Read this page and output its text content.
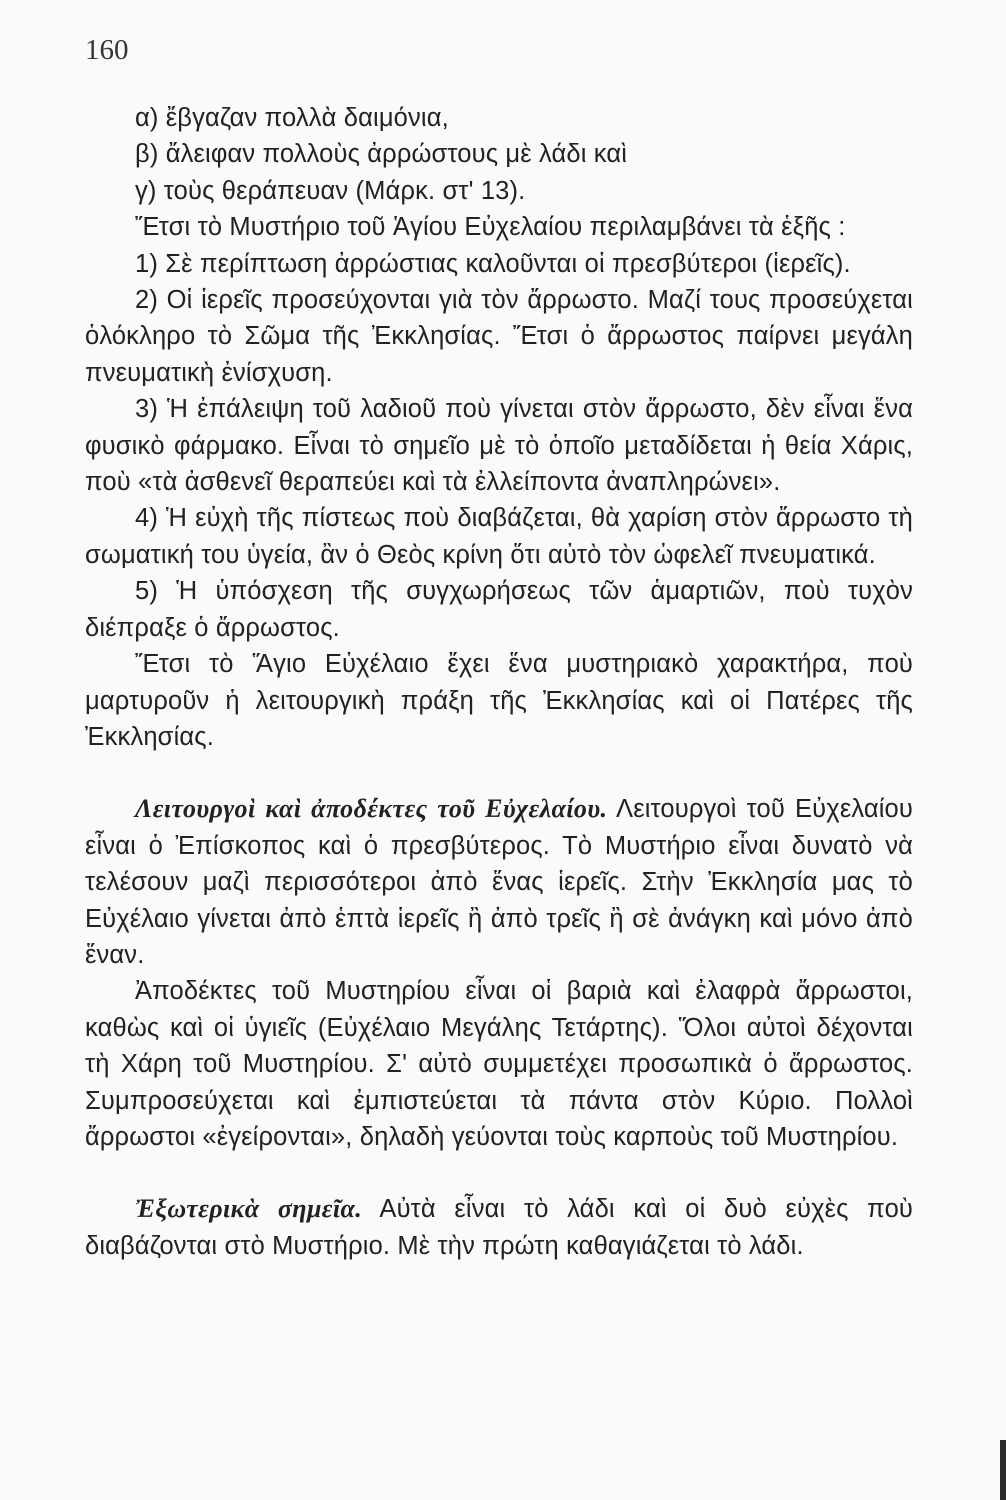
160

α) ἔβγαζαν πολλὰ δαιμόνια,

β) ἄλειφαν πολλοὺς ἀρρώστους μὲ λάδι καὶ

γ) τοὺς θεράπευαν (Μάρκ. στ' 13).

Ἔτσι τὸ Μυστήριο τοῦ Ἁγίου Εὐχελαίου περιλαμβάνει τὰ ἑξῆς :

1) Σὲ περίπτωση ἀρρώστιας καλοῦνται οἱ πρεσβύτεροι (ἱερεῖς).

2) Οἱ ἱερεῖς προσεύχονται γιὰ τὸν ἄρρωστο. Μαζί τους προσεύχεται ὁλόκληρο τὸ Σῶμα τῆς Ἐκκλησίας. Ἔτσι ὁ ἄρρωστος παίρνει μεγάλη πνευματικὴ ἐνίσχυση.

3) Ἡ ἐπάλειψη τοῦ λαδιοῦ ποὺ γίνεται στὸν ἄρρωστο, δὲν εἶναι ἕνα φυσικὸ φάρμακο. Εἶναι τὸ σημεῖο μὲ τὸ ὁποῖο μεταδίδεται ἡ θεία Χάρις, ποὺ «τὰ ἀσθενεῖ θεραπεύει καὶ τὰ ἐλλείποντα ἀναπληρώνει».

4) Ἡ εὐχὴ τῆς πίστεως ποὺ διαβάζεται, θὰ χαρίση στὸν ἄρρωστο τὴ σωματική του ὑγεία, ἂν ὁ Θεὸς κρίνη ὅτι αὐτὸ τὸν ὠφελεῖ πνευματικά.

5) Ἡ ὑπόσχεση τῆς συγχωρήσεως τῶν ἁμαρτιῶν, ποὺ τυχὸν διέπραξε ὁ ἄρρωστος.

Ἔτσι τὸ Ἅγιο Εὐχέλαιο ἔχει ἕνα μυστηριακὸ χαρακτήρα, ποὺ μαρτυροῦν ἡ λειτουργικὴ πράξη τῆς Ἐκκλησίας καὶ οἱ Πατέρες τῆς Ἐκκλησίας.

Λειτουργοὶ καὶ ἀποδέκτες τοῦ Εὐχελαίου. Λειτουργοὶ τοῦ Εὐχελαίου εἶναι ὁ Ἐπίσκοπος καὶ ὁ πρεσβύτερος. Τὸ Μυστήριο εἶναι δυνατὸ νὰ τελέσουν μαζὶ περισσότεροι ἀπὸ ἕνας ἱερεῖς. Στὴν Ἐκκλησία μας τὸ Εὐχέλαιο γίνεται ἀπὸ ἑπτὰ ἱερεῖς ἢ ἀπὸ τρεῖς ἢ σὲ ἀνάγκη καὶ μόνο ἀπὸ ἕναν.

Ἀποδέκτες τοῦ Μυστηρίου εἶναι οἱ βαριὰ καὶ ἐλαφρὰ ἄρρωστοι, καθὼς καὶ οἱ ὑγιεῖς (Εὐχέλαιο Μεγάλης Τετάρτης). Ὅλοι αὐτοὶ δέχονται τὴ Χάρη τοῦ Μυστηρίου. Σ' αὐτὸ συμμετέχει προσωπικὰ ὁ ἄρρωστος. Συμπροσεύχεται καὶ ἐμπιστεύεται τὰ πάντα στὸν Κύριο. Πολλοὶ ἄρρωστοι «ἐγείρονται», δηλαδὴ γεύονται τοὺς καρποὺς τοῦ Μυστηρίου.

Ἐξωτερικὰ σημεῖα. Αὐτὰ εἶναι τὸ λάδι καὶ οἱ δυὸ εὐχὲς ποὺ διαβάζονται στὸ Μυστήριο. Μὲ τὴν πρώτη καθαγιάζεται τὸ λάδι.
